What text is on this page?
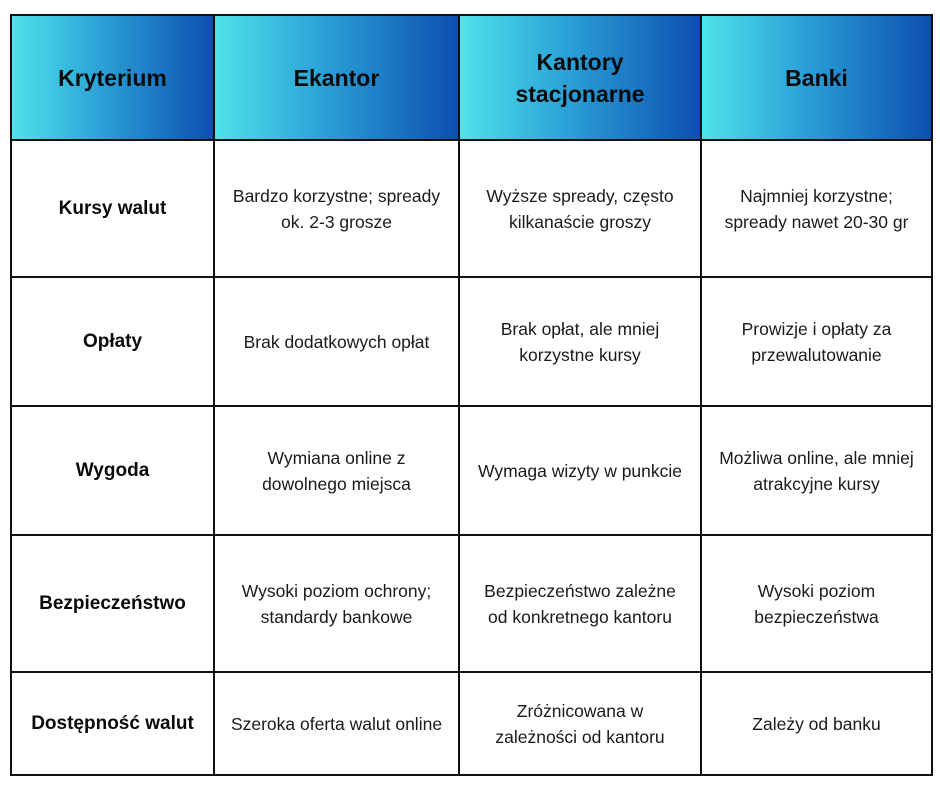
Kryterium	Ekantor	Kantory stacjonarne	Banki
Kursy walut	Bardzo korzystne; spready ok. 2-3 grosze	Wyższe spready, często kilkanaście groszy	Najmniej korzystne; spready nawet 20-30 gr
Opłaty	Brak dodatkowych opłat	Brak opłat, ale mniej korzystne kursy	Prowizje i opłaty za przewalutowanie
Wygoda	Wymiana online z dowolnego miejsca	Wymaga wizyty w punkcie	Możliwa online, ale mniej atrakcyjne kursy
Bezpieczeństwo	Wysoki poziom ochrony; standardy bankowe	Bezpieczeństwo zależne od konkretnego kantoru	Wysoki poziom bezpieczeństwa
Dostępność walut	Szeroka oferta walut online	Zróżnicowana w zależności od kantoru	Zależy od banku
